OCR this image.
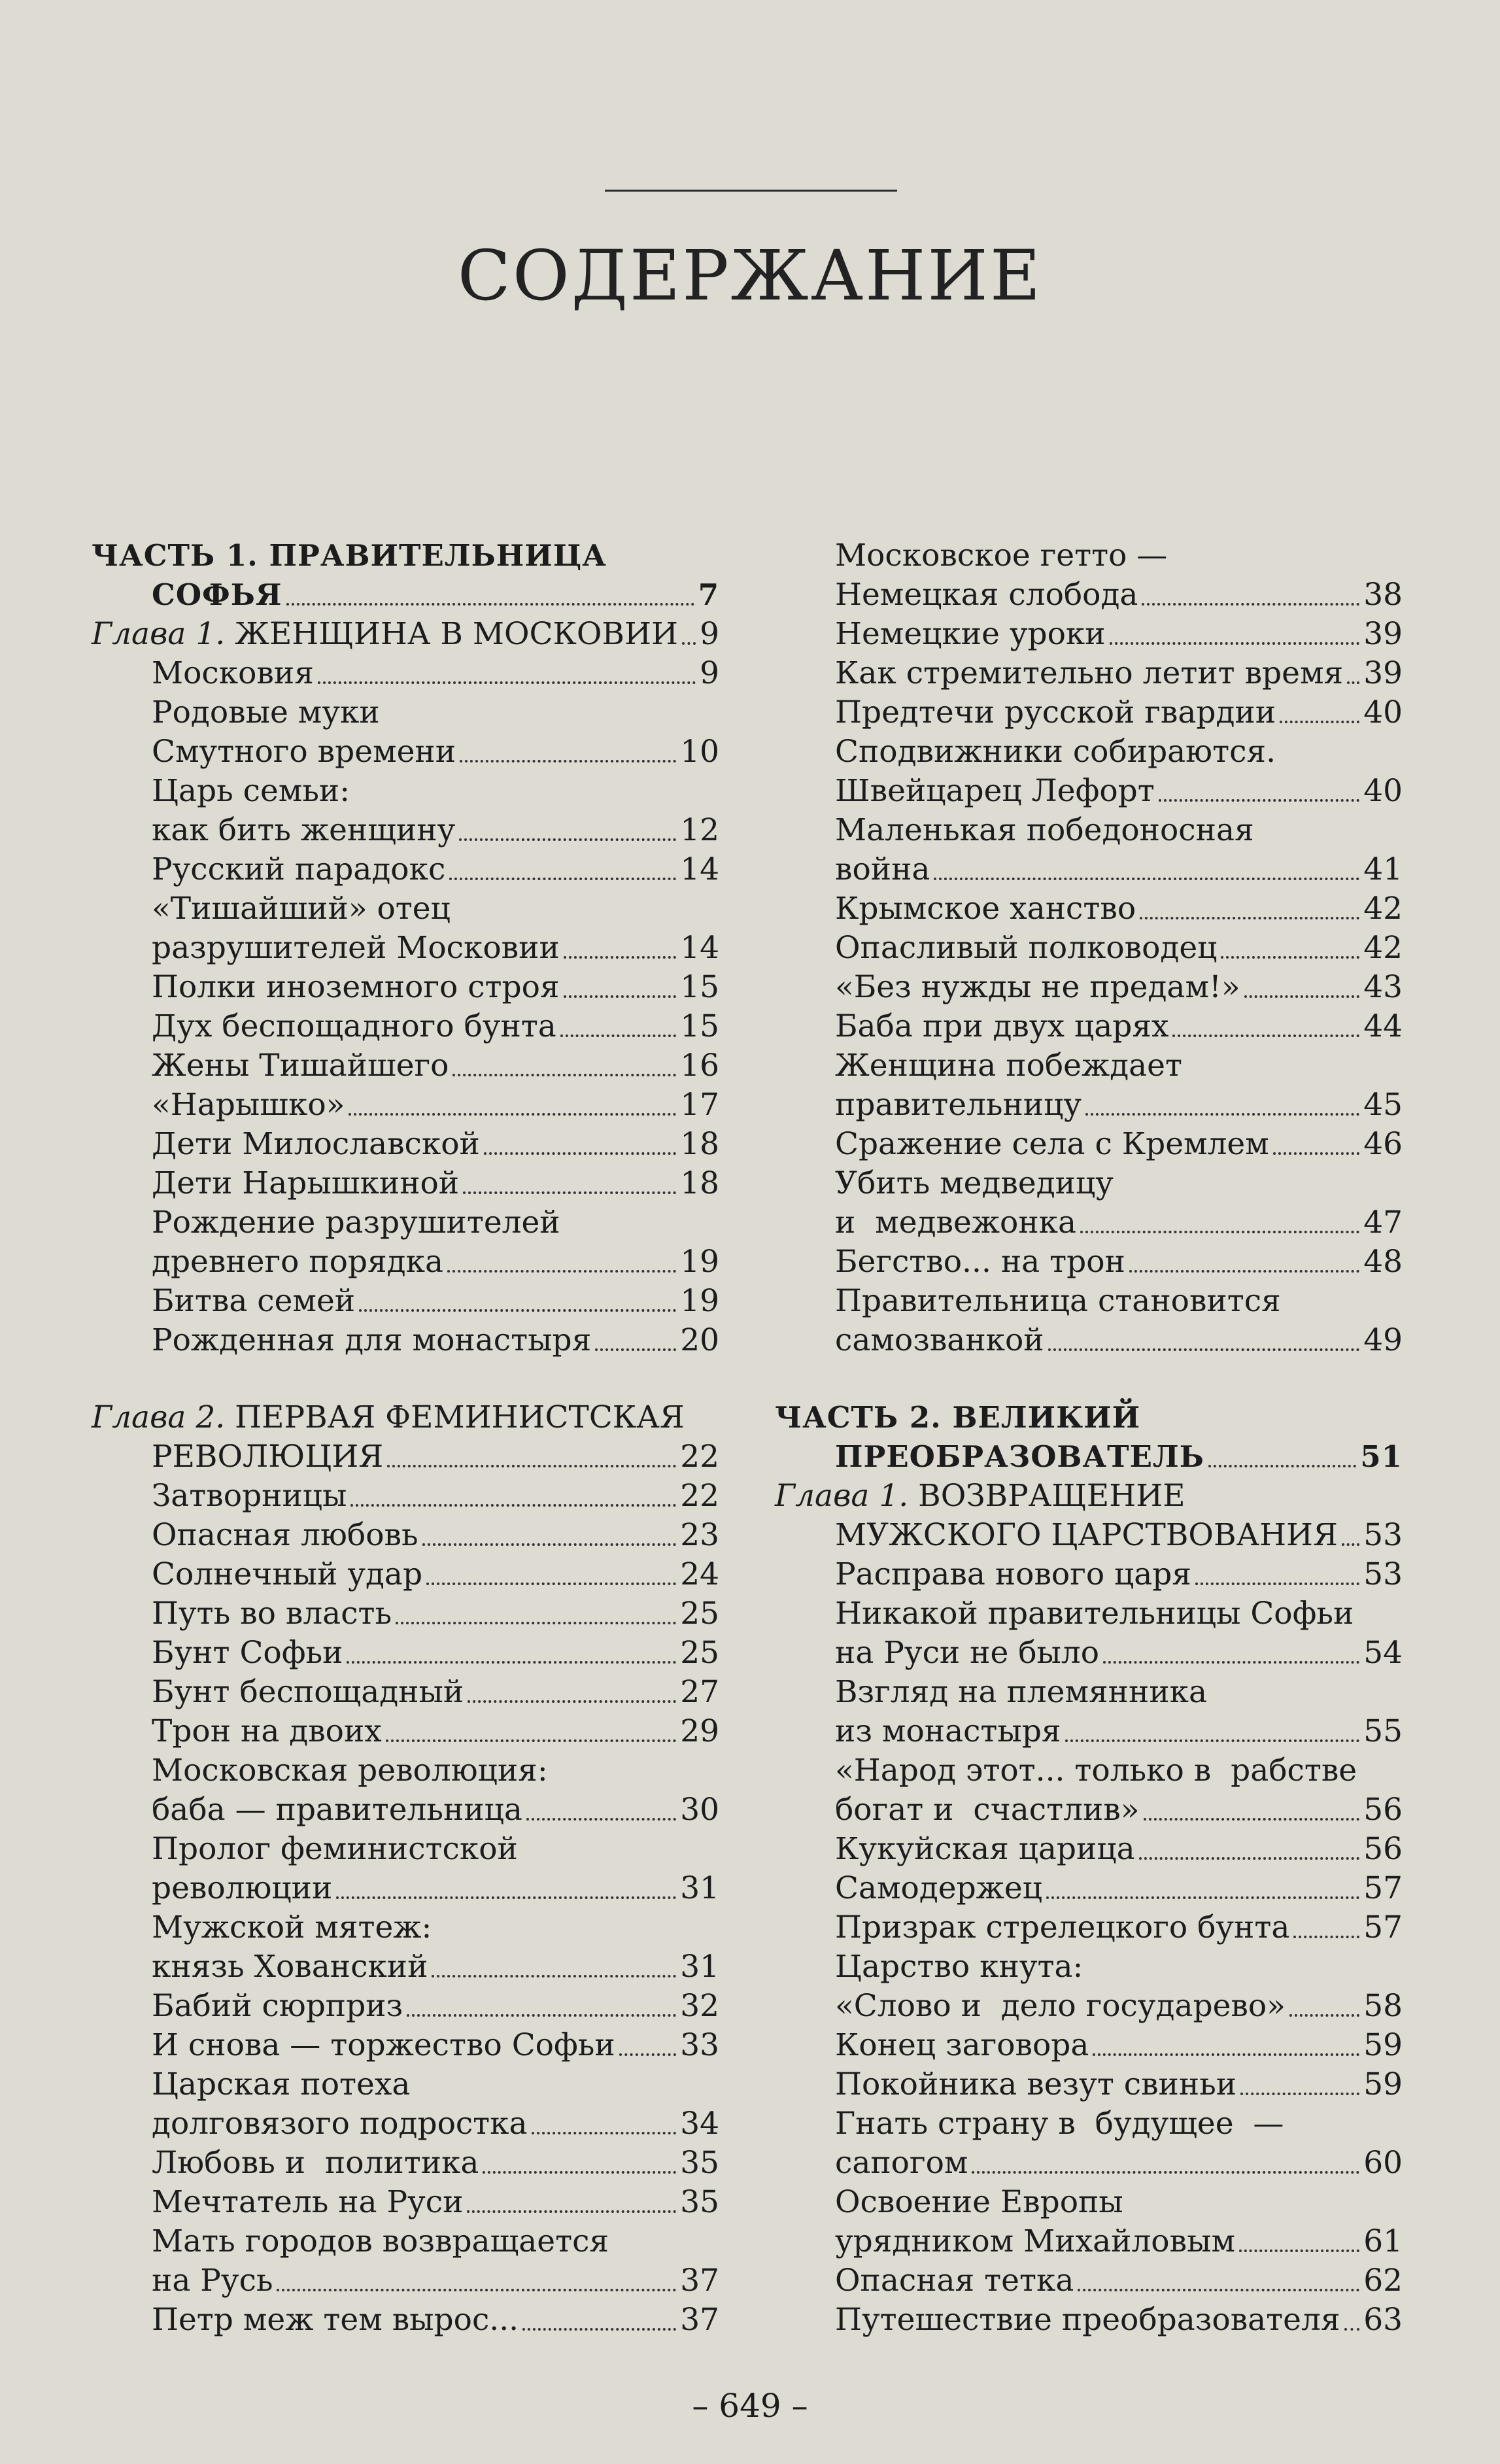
СОДЕРЖАНИЕ
ЧАСТЬ 1. ПРАВИТЕЛЬНИЦА
СОФЬЯ	7
Глава 1. ЖЕНЩИНА В МОСКОВИИ 9
Московия	9
Родовые муки
Смутного времени	10
Царь семьи:
как бить женщину	12
Русский парадокс	14
«Тишайший» отец
разрушителей Московии	14
Полки иноземного строя	15
Дух беспощадного бунта	15
Жены Тишайшего	16
«Нарышко»	17
Дети Милославской	18
Дети Нарышкиной	18
Рождение разрушителей
древнего порядка	19
Битва семей	19
Рожденная для монастыря	20
Глава 2. ПЕРВАЯ ФЕМИНИСТСКАЯ
РЕВОЛЮЦИЯ	22
Затворницы	22
Опасная любовь	23
Солнечный удар	24
Путь во власть	25
Бунт Софьи	25
Бунт беспощадный	27
Трон на двоих	29
Московская революция:
баба — правительница	30
Пролог феминистской
революции	31
Мужской мятеж:
князь Хованский	31
Бабий сюрприз	32
И снова — торжество Софьи 33
Царская потеха
долговязого подростка	34
Любовь и  политика	35
Мечтатель на Руси	35
Мать городов возвращается
на Русь	37
Петр меж тем вырос...	37
Московское гетто —
Немецкая слобода	38
Немецкие уроки	39
Как стремительно летит время 39
Предтечи русской гвардии	40
Сподвижники собираются.
Швейцарец Лефорт	40
Маленькая победоносная
война	41
Крымское ханство	42
Опасливый полководец	42
«Без нужды не предам!»	43
Баба при двух царях	44
Женщина побеждает
правительницу	45
Сражение села с Кремлем	46
Убить медведицу
и  медвежонка	47
Бегство... на трон	48
Правительница становится
самозванкой	49
ЧАСТЬ 2. ВЕЛИКИЙ
ПРЕОБРАЗОВАТЕЛЬ	51
Глава 1. ВОЗВРАЩЕНИЕ
МУЖСКОГО ЦАРСТВОВАНИЯ 53
Расправа нового царя	53
Никакой правительницы Софьи
на Руси не было	54
Взгляд на племянника
из монастыря	55
«Народ этот... только в  рабстве
богат и  счастлив»	56
Кукуйская царица	56
Самодержец	57
Призрак стрелецкого бунта 57
Царство кнута:
«Слово и  дело государево»	58
Конец заговора	59
Покойника везут свиньи	59
Гнать страну в  будущее  —
сапогом	60
Освоение Европы
урядником Михайловым	61
Опасная тетка	62
Путешествие преобразователя 63
– 649 –
